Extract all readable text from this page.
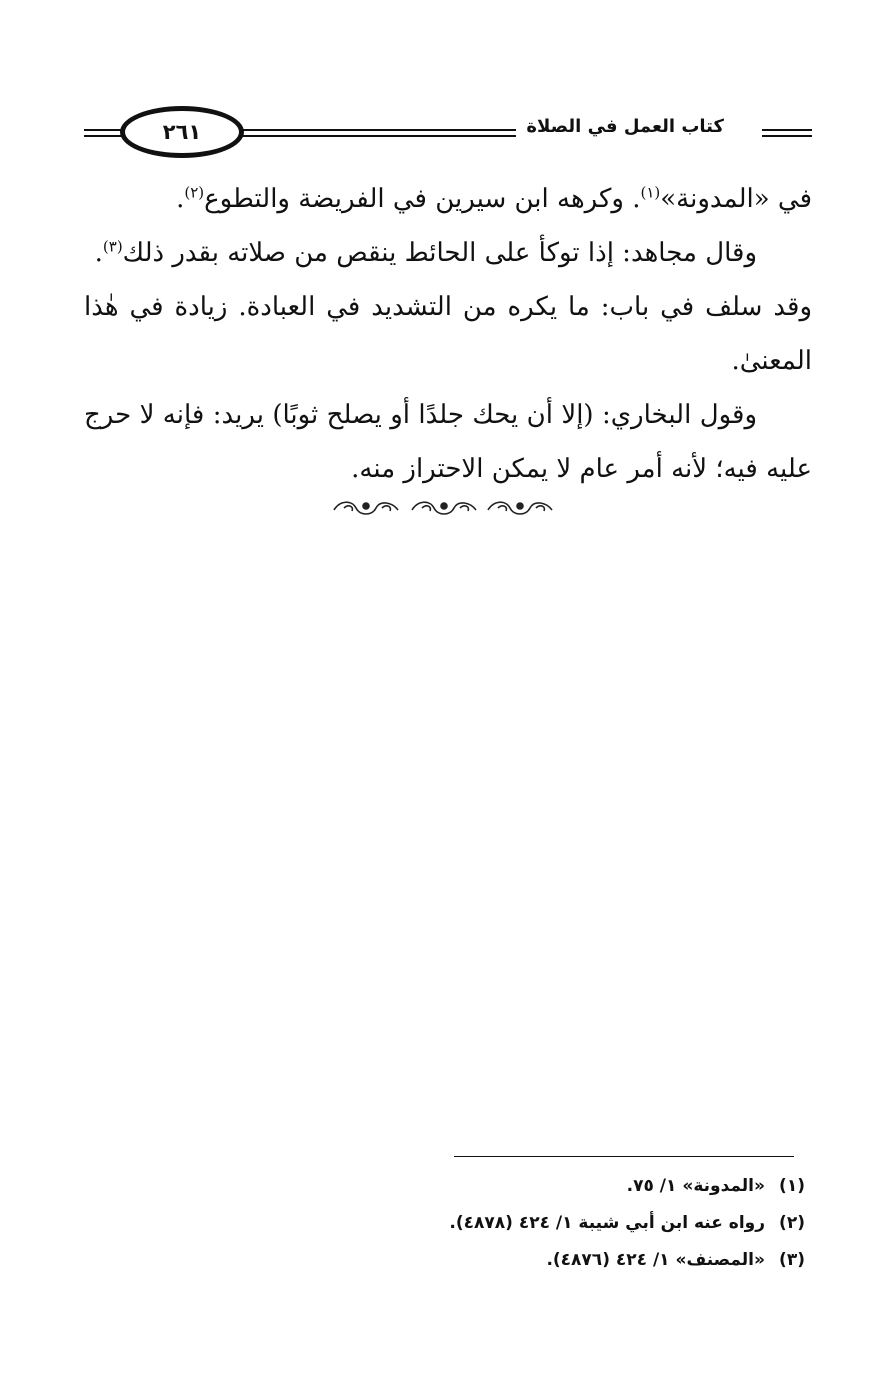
٢٦١	كتاب العمل في الصلاة

في «المدونة»$^{(١)}$. وكرهه ابن سيرين في الفريضة والتطوع$^{(٢)}$.

وقال مجاهد: إذا توكأ على الحائط ينقص من صلاته بقدر ذلك$^{(٣)}$.

وقد سلف في باب: ما يكره من التشديد في العبادة. زيادة في هٰذا المعنىٰ.

وقول البخاري: (إلا أن يحك جلدًا أو يصلح ثوبًا) يريد: فإنه لا حرج عليه فيه؛ لأنه أمر عام لا يمكن الاحتراز منه.

(١)«المدونة» ١/ ٧٥.
(٢)رواه عنه ابن أبي شيبة ١/ ٤٢٤ (٤٨٧٨).
(٣)«المصنف» ١/ ٤٢٤ (٤٨٧٦).
